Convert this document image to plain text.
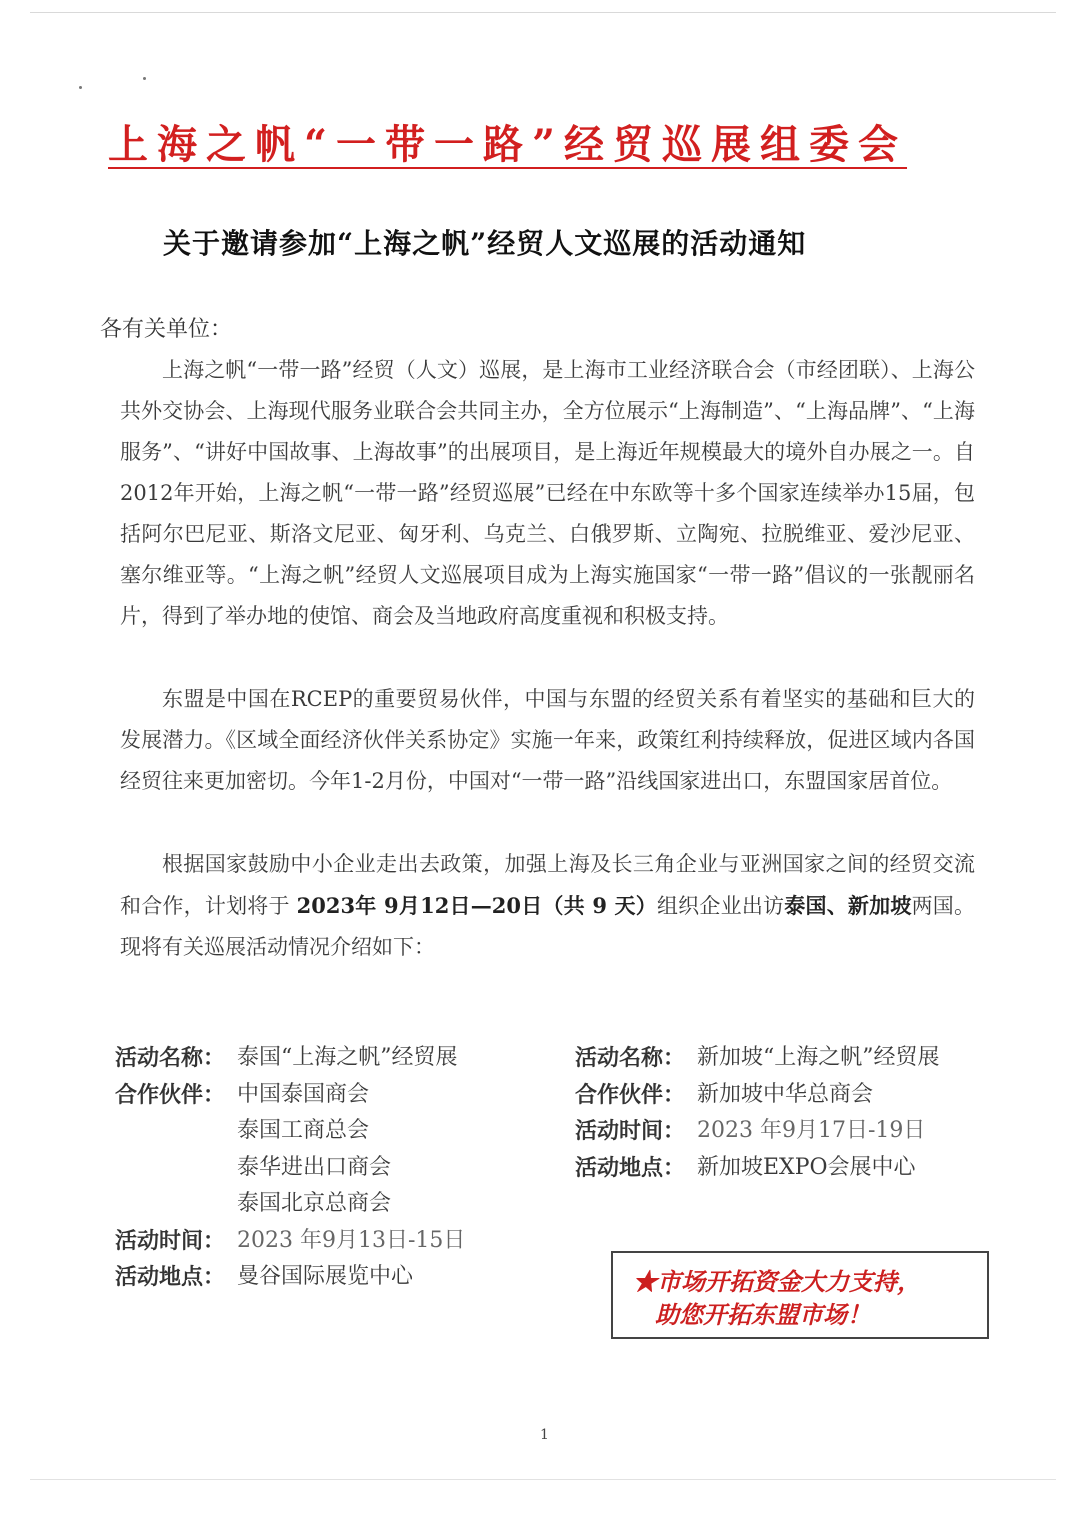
上海之帆“一带一路”经贸巡展组委会
关于邀请参加“上海之帆”经贸人文巡展的活动通知
各有关单位：

上海之帆“一带一路”经贸（人文）巡展，是上海市工业经济联合会（市经团联）、上海公共外交协会、上海现代服务业联合会共同主办，全方位展示“上海制造”、“上海品牌”、“上海服务”、“讲好中国故事、上海故事”的出展项目，是上海近年规模最大的境外自办展之一。自2012年开始，上海之帆“一带一路”经贸巡展”已经在中东欧等十多个国家连续举办15届，包括阿尔巴尼亚、斯洛文尼亚、匈牙利、乌克兰、白俄罗斯、立陶宛、拉脱维亚、爱沙尼亚、塞尔维亚等。“上海之帆”经贸人文巡展项目成为上海实施国家“一带一路”倡议的一张靓丽名片，得到了举办地的使馆、商会及当地政府高度重视和积极支持。

东盟是中国在RCEP的重要贸易伙伴，中国与东盟的经贸关系有着坚实的基础和巨大的发展潜力。《区域全面经济伙伴关系协定》实施一年来，政策红利持续释放，促进区域内各国经贸往来更加密切。今年1-2月份，中国对“一带一路”沿线国家进出口，东盟国家居首位。

根据国家鼓励中小企业走出去政策，加强上海及长三角企业与亚洲国家之间的经贸交流和合作，计划将于 2023年 9月12日—20日（共 9 天）组织企业出访泰国、新加坡两国。现将有关巡展活动情况介绍如下：

活动名称： 泰国“上海之帆”经贸展
合作伙伴： 中国泰国商会
泰国工商总会
泰华进出口商会
泰国北京总商会
活动时间： 2023 年9月13日-15日
活动地点： 曼谷国际展览中心
活动名称： 新加坡“上海之帆”经贸展
合作伙伴： 新加坡中华总商会
活动时间： 2023 年9月17日-19日
活动地点： 新加坡EXPO会展中心
★市场开拓资金大力支持，
助您开拓东盟市场！
1
